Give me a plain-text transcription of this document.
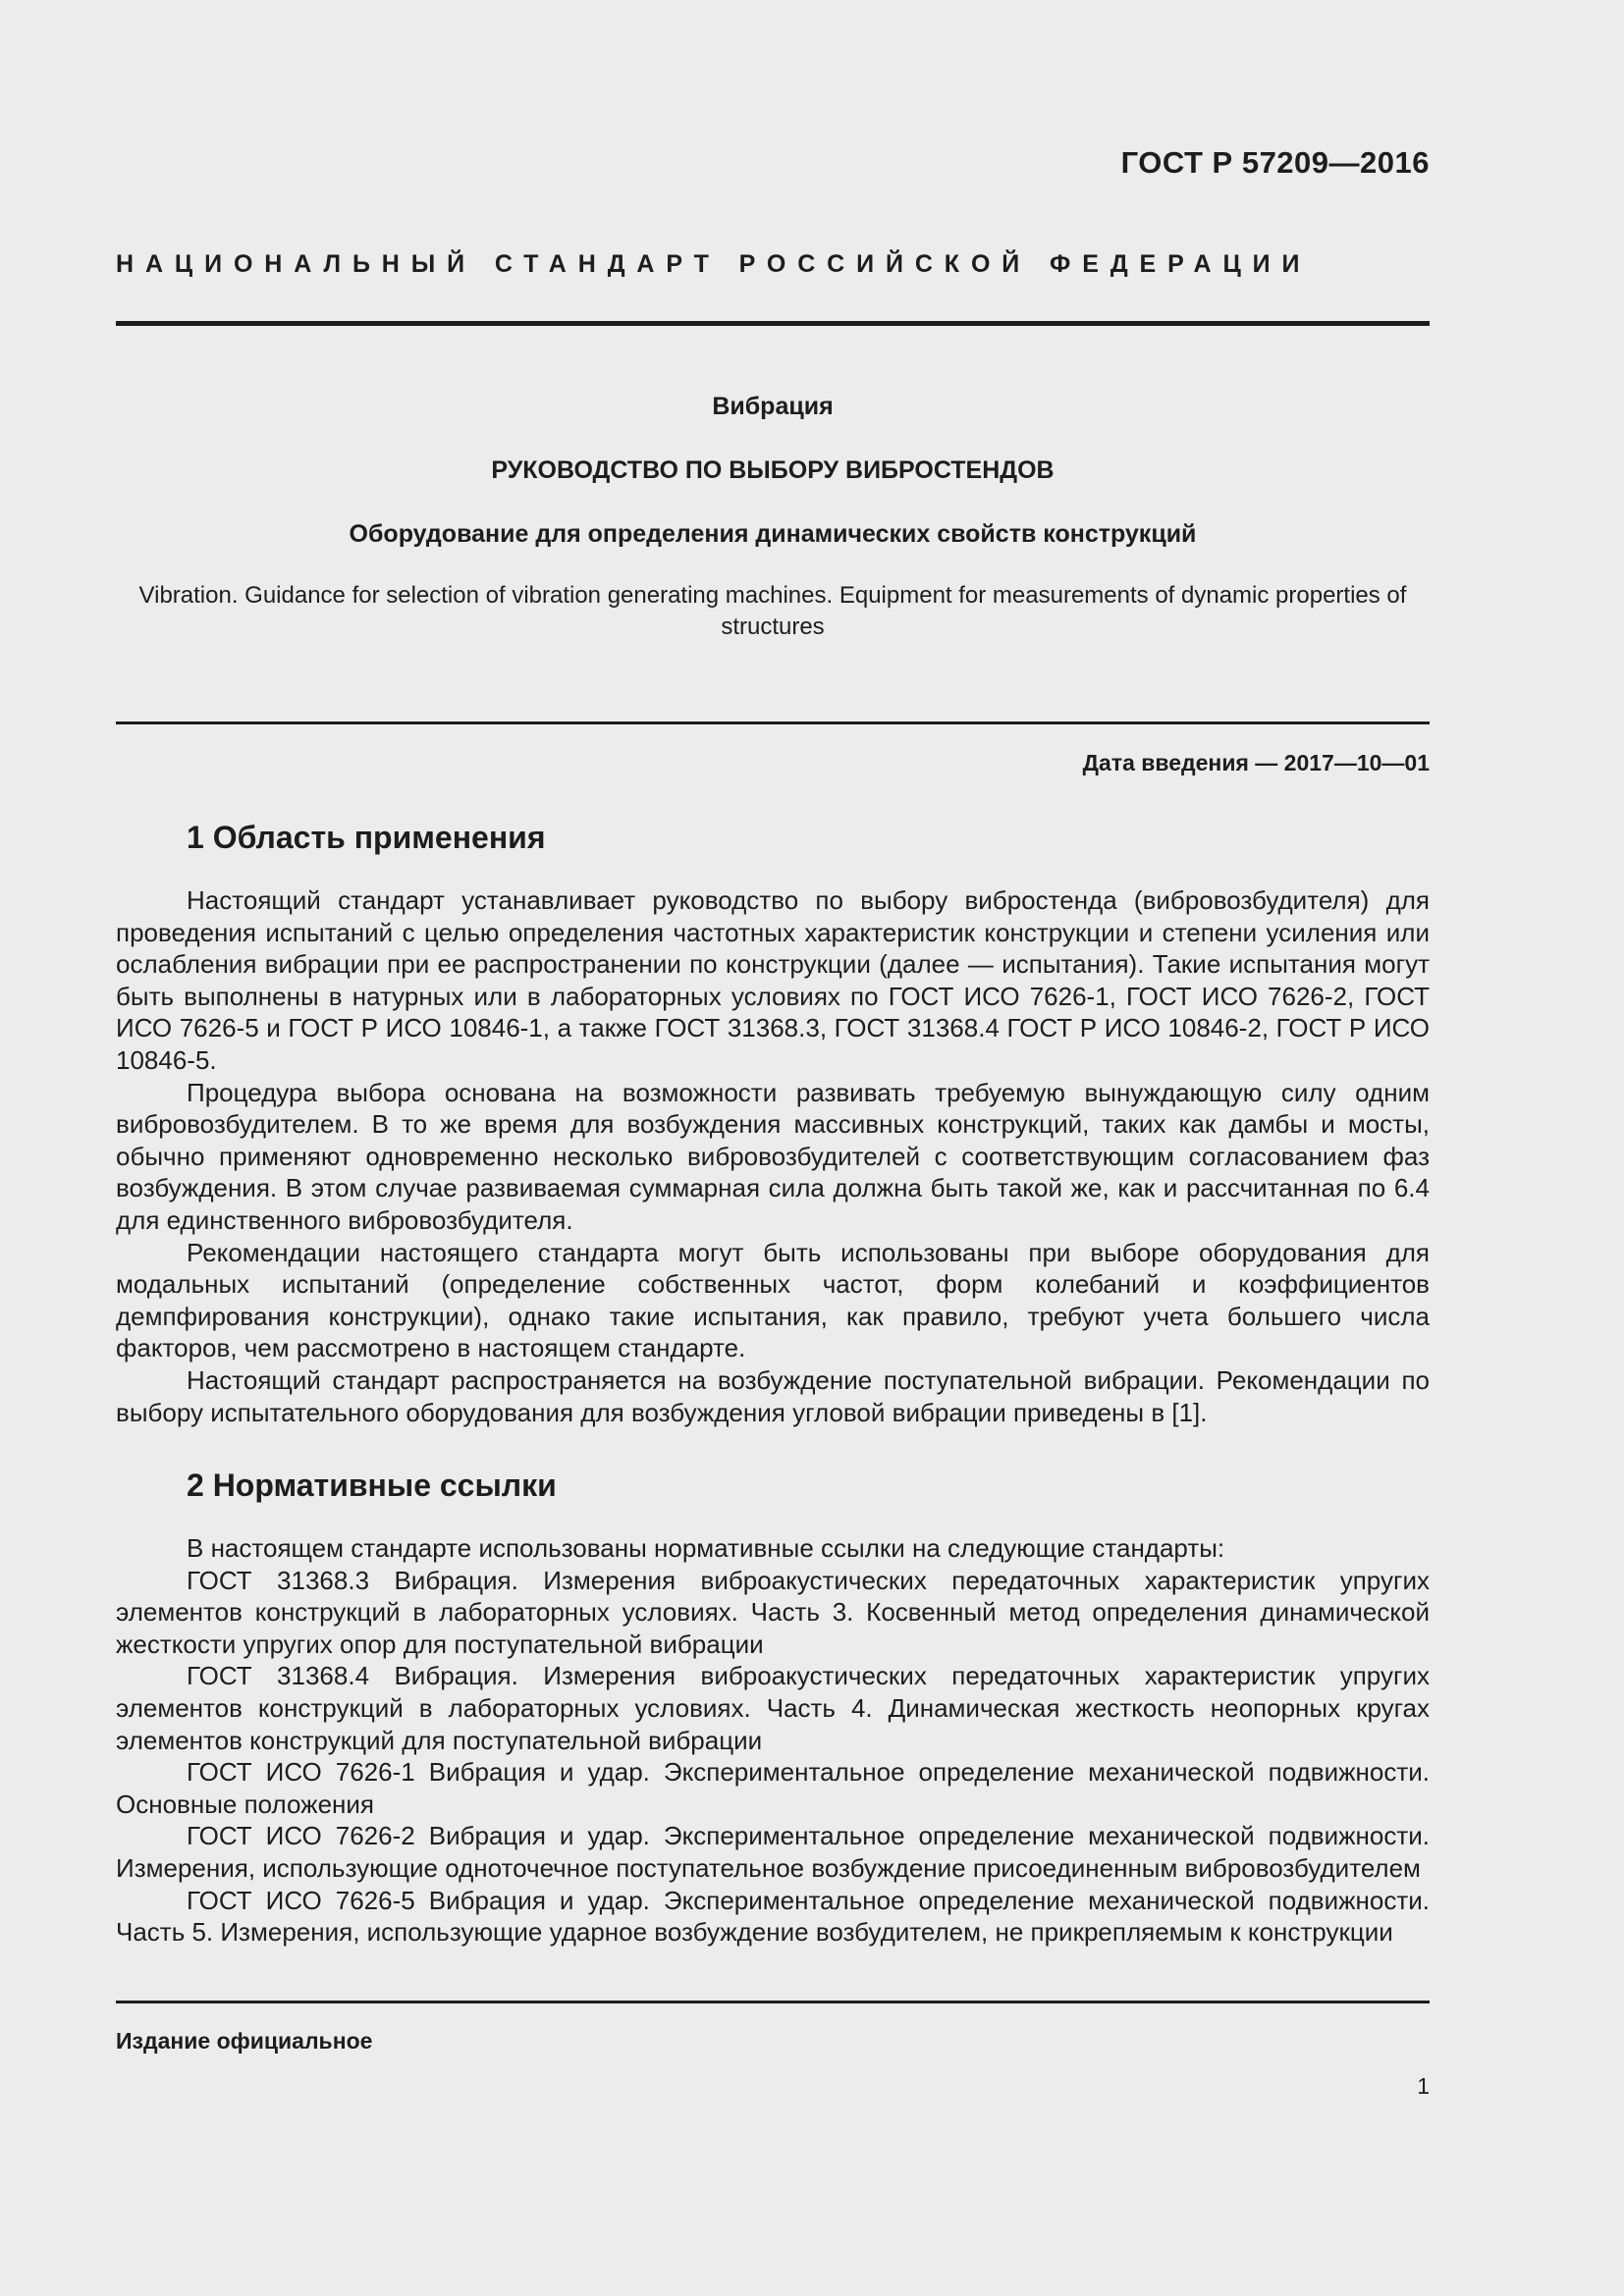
ГОСТ Р 57209—2016
НАЦИОНАЛЬНЫЙ СТАНДАРТ РОССИЙСКОЙ ФЕДЕРАЦИИ

Вибрация

РУКОВОДСТВО ПО ВЫБОРУ ВИБРОСТЕНДОВ

Оборудование для определения динамических свойств конструкций

Vibration. Guidance for selection of vibration generating machines. Equipment for measurements of dynamic properties of structures

Дата введения — 2017—10—01
1 Область применения

Настоящий стандарт устанавливает руководство по выбору вибростенда (вибровозбудителя) для проведения испытаний с целью определения частотных характеристик конструкции и степени усиления или ослабления вибрации при ее распространении по конструкции (далее — испытания). Такие испытания могут быть выполнены в натурных или в лабораторных условиях по ГОСТ ИСО 7626-1, ГОСТ ИСО 7626-2, ГОСТ ИСО 7626-5 и ГОСТ Р ИСО 10846-1, а также ГОСТ 31368.3, ГОСТ 31368.4 ГОСТ Р ИСО 10846-2, ГОСТ Р ИСО 10846-5.

Процедура выбора основана на возможности развивать требуемую вынуждающую силу одним вибровозбудителем. В то же время для возбуждения массивных конструкций, таких как дамбы и мосты, обычно применяют одновременно несколько вибровозбудителей с соответствующим согласованием фаз возбуждения. В этом случае развиваемая суммарная сила должна быть такой же, как и рассчитанная по 6.4 для единственного вибровозбудителя.

Рекомендации настоящего стандарта могут быть использованы при выборе оборудования для модальных испытаний (определение собственных частот, форм колебаний и коэффициентов демпфирования конструкции), однако такие испытания, как правило, требуют учета большего числа факторов, чем рассмотрено в настоящем стандарте.

Настоящий стандарт распространяется на возбуждение поступательной вибрации. Рекомендации по выбору испытательного оборудования для возбуждения угловой вибрации приведены в [1].

2 Нормативные ссылки

В настоящем стандарте использованы нормативные ссылки на следующие стандарты:

ГОСТ 31368.3 Вибрация. Измерения виброакустических передаточных характеристик упругих элементов конструкций в лабораторных условиях. Часть 3. Косвенный метод определения динамической жесткости упругих опор для поступательной вибрации

ГОСТ 31368.4 Вибрация. Измерения виброакустических передаточных характеристик упругих элементов конструкций в лабораторных условиях. Часть 4. Динамическая жесткость неопорных кругах элементов конструкций для поступательной вибрации

ГОСТ ИСО 7626-1 Вибрация и удар. Экспериментальное определение механической подвижности. Основные положения

ГОСТ ИСО 7626-2 Вибрация и удар. Экспериментальное определение механической подвижности. Измерения, использующие одноточечное поступательное возбуждение присоединенным вибровозбудителем

ГОСТ ИСО 7626-5 Вибрация и удар. Экспериментальное определение механической подвижности. Часть 5. Измерения, использующие ударное возбуждение возбудителем, не прикрепляемым к конструкции

Издание официальное
1
